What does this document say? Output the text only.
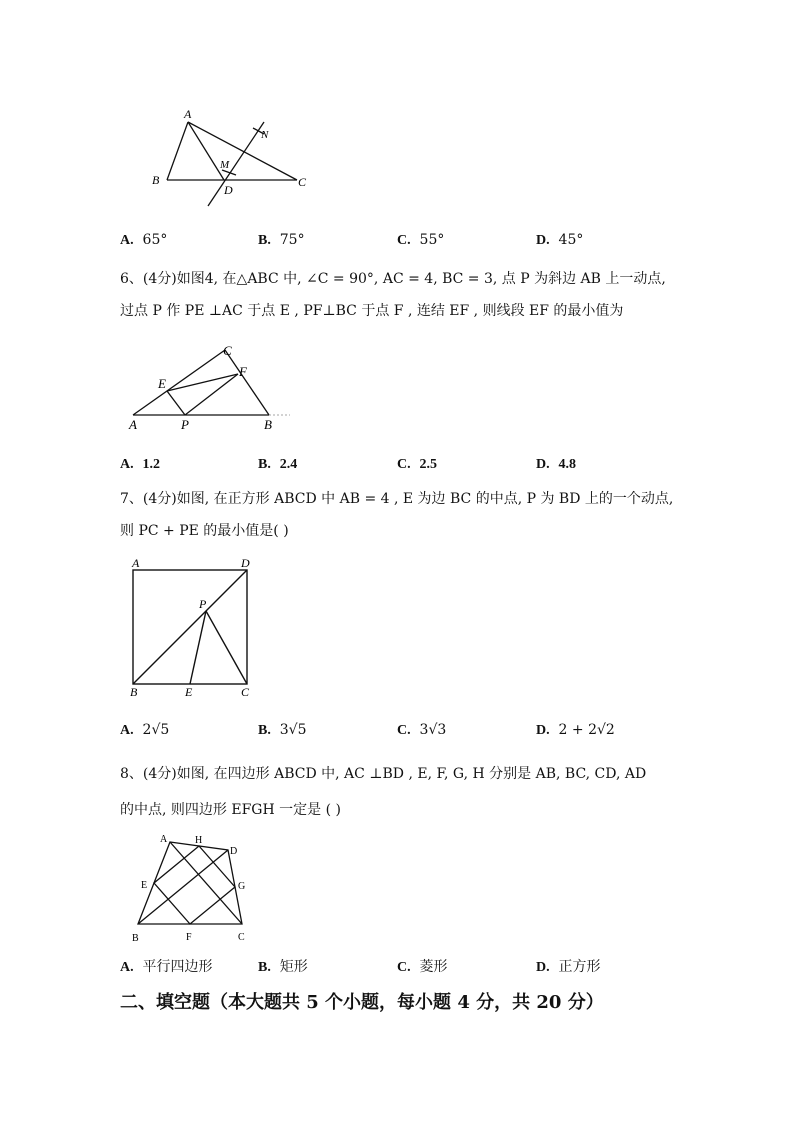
A
B	C
D
M
N
A. 65°	B. 75°	C. 55°	D. 45°
6、(4分)如图4, 在△ABC 中, ∠C = 90°, AC = 4, BC = 3, 点 P 为斜边 AB 上一动点,
过点 P 作 PE ⊥AC 于点 E , PF⊥BC 于点 F , 连结 EF , 则线段 EF 的最小值为
A	B
C
E
F
P
A. 1.2	B. 2.4	C. 2.5	D. 4.8
7、(4分)如图, 在正方形 ABCD 中 AB = 4 , E 为边 BC 的中点, P 为 BD 上的一个动点,
则 PC + PE 的最小值是( )
A	D
B	C
E
P
A. 2√5	B. 3√5	C. 3√3	D. 2 + 2√2
8、(4分)如图, 在四边形 ABCD 中, AC ⊥BD , E, F, G, H 分别是 AB, BC, CD, AD
的中点, 则四边形 EFGH 一定是 ( )
A	H
D
E	G
B	F	C
A. 平行四边形	B. 矩形	C. 菱形	D. 正方形
二、填空题（本大题共 5 个小题，每小题 4 分，共 20 分）
